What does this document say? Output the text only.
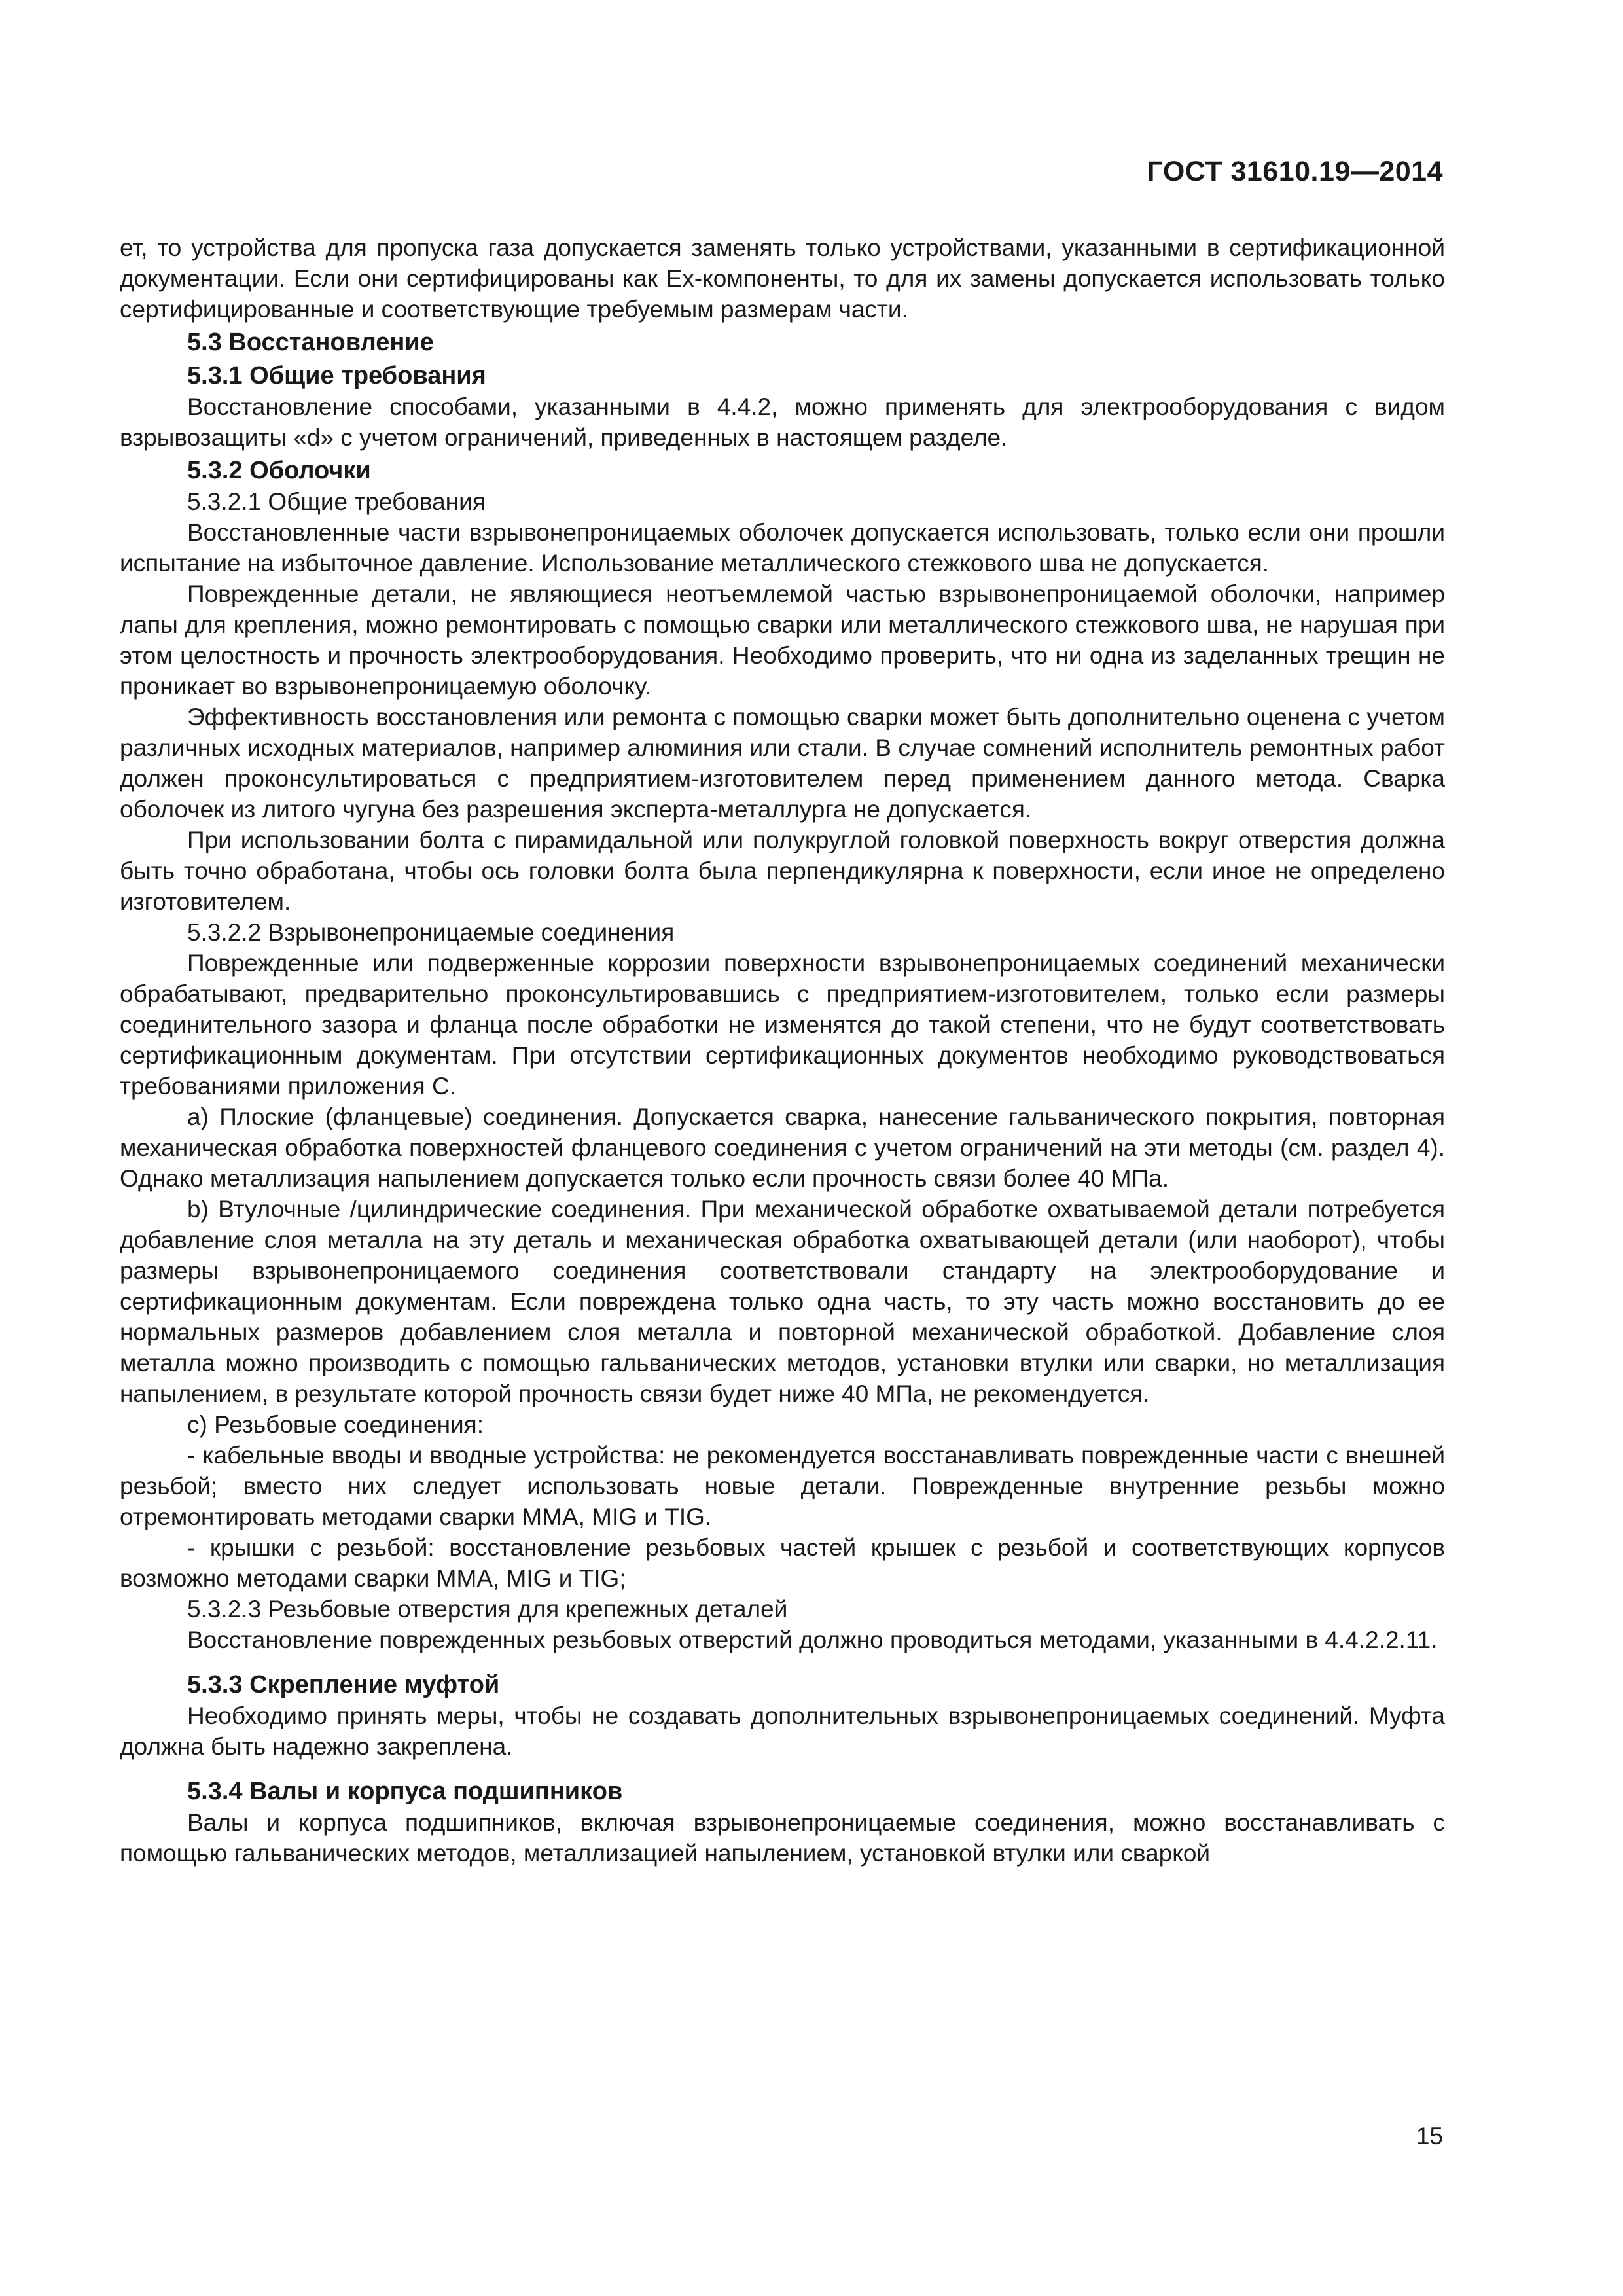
ГОСТ 31610.19—2014

ет, то устройства для пропуска газа допускается заменять только устройствами, указанными в сертификационной документации. Если они сертифицированы как Ex-компоненты, то для их замены допускается использовать только сертифицированные и соответствующие требуемым размерам части.

5.3 Восстановление

5.3.1 Общие требования

Восстановление способами, указанными в 4.4.2, можно применять для электрооборудования с видом взрывозащиты «d» с учетом ограничений, приведенных в настоящем разделе.

5.3.2 Оболочки

5.3.2.1 Общие требования

Восстановленные части взрывонепроницаемых оболочек допускается использовать, только если они прошли испытание на избыточное давление. Использование металлического стежкового шва не допускается.

Поврежденные детали, не являющиеся неотъемлемой частью взрывонепроницаемой оболочки, например лапы для крепления, можно ремонтировать с помощью сварки или металлического стежкового шва, не нарушая при этом целостность и прочность электрооборудования. Необходимо проверить, что ни одна из заделанных трещин не проникает во взрывонепроницаемую оболочку.

Эффективность восстановления или ремонта с помощью сварки может быть дополнительно оценена с учетом различных исходных материалов, например алюминия или стали. В случае сомнений исполнитель ремонтных работ должен проконсультироваться с предприятием-изготовителем перед применением данного метода. Сварка оболочек из литого чугуна без разрешения эксперта-металлурга не допускается.

При использовании болта с пирамидальной или полукруглой головкой поверхность вокруг отверстия должна быть точно обработана, чтобы ось головки болта была перпендикулярна к поверхности, если иное не определено изготовителем.

5.3.2.2 Взрывонепроницаемые соединения

Поврежденные или подверженные коррозии поверхности взрывонепроницаемых соединений механически обрабатывают, предварительно проконсультировавшись с предприятием-изготовителем, только если размеры соединительного зазора и фланца после обработки не изменятся до такой степени, что не будут соответствовать сертификационным документам. При отсутствии сертификационных документов необходимо руководствоваться требованиями приложения С.

а) Плоские (фланцевые) соединения. Допускается сварка, нанесение гальванического покрытия, повторная механическая обработка поверхностей фланцевого соединения с учетом ограничений на эти методы (см. раздел 4). Однако металлизация напылением допускается только если прочность связи более 40 МПа.

b) Втулочные /цилиндрические соединения. При механической обработке охватываемой детали потребуется добавление слоя металла на эту деталь и механическая обработка охватывающей детали (или наоборот), чтобы размеры взрывонепроницаемого соединения соответствовали стандарту на электрооборудование и сертификационным документам. Если повреждена только одна часть, то эту часть можно восстановить до ее нормальных размеров добавлением слоя металла и повторной механической обработкой. Добавление слоя металла можно производить с помощью гальванических методов, установки втулки или сварки, но металлизация напылением, в результате которой прочность связи будет ниже 40 МПа, не рекомендуется.

с) Резьбовые соединения:

- кабельные вводы и вводные устройства: не рекомендуется восстанавливать поврежденные части с внешней резьбой; вместо них следует использовать новые детали. Поврежденные внутренние резьбы можно отремонтировать методами сварки ММА, MIG и TIG.

- крышки с резьбой: восстановление резьбовых частей крышек с резьбой и соответствующих корпусов возможно методами сварки ММА, MIG и TIG;

5.3.2.3 Резьбовые отверстия для крепежных деталей

Восстановление поврежденных резьбовых отверстий должно проводиться методами, указанными в 4.4.2.2.11.

5.3.3 Скрепление муфтой

Необходимо принять меры, чтобы не создавать дополнительных взрывонепроницаемых соединений. Муфта должна быть надежно закреплена.

5.3.4 Валы и корпуса подшипников

Валы и корпуса подшипников, включая взрывонепроницаемые соединения, можно восстанавливать с помощью гальванических методов, металлизацией напылением, установкой втулки или сваркой

15
